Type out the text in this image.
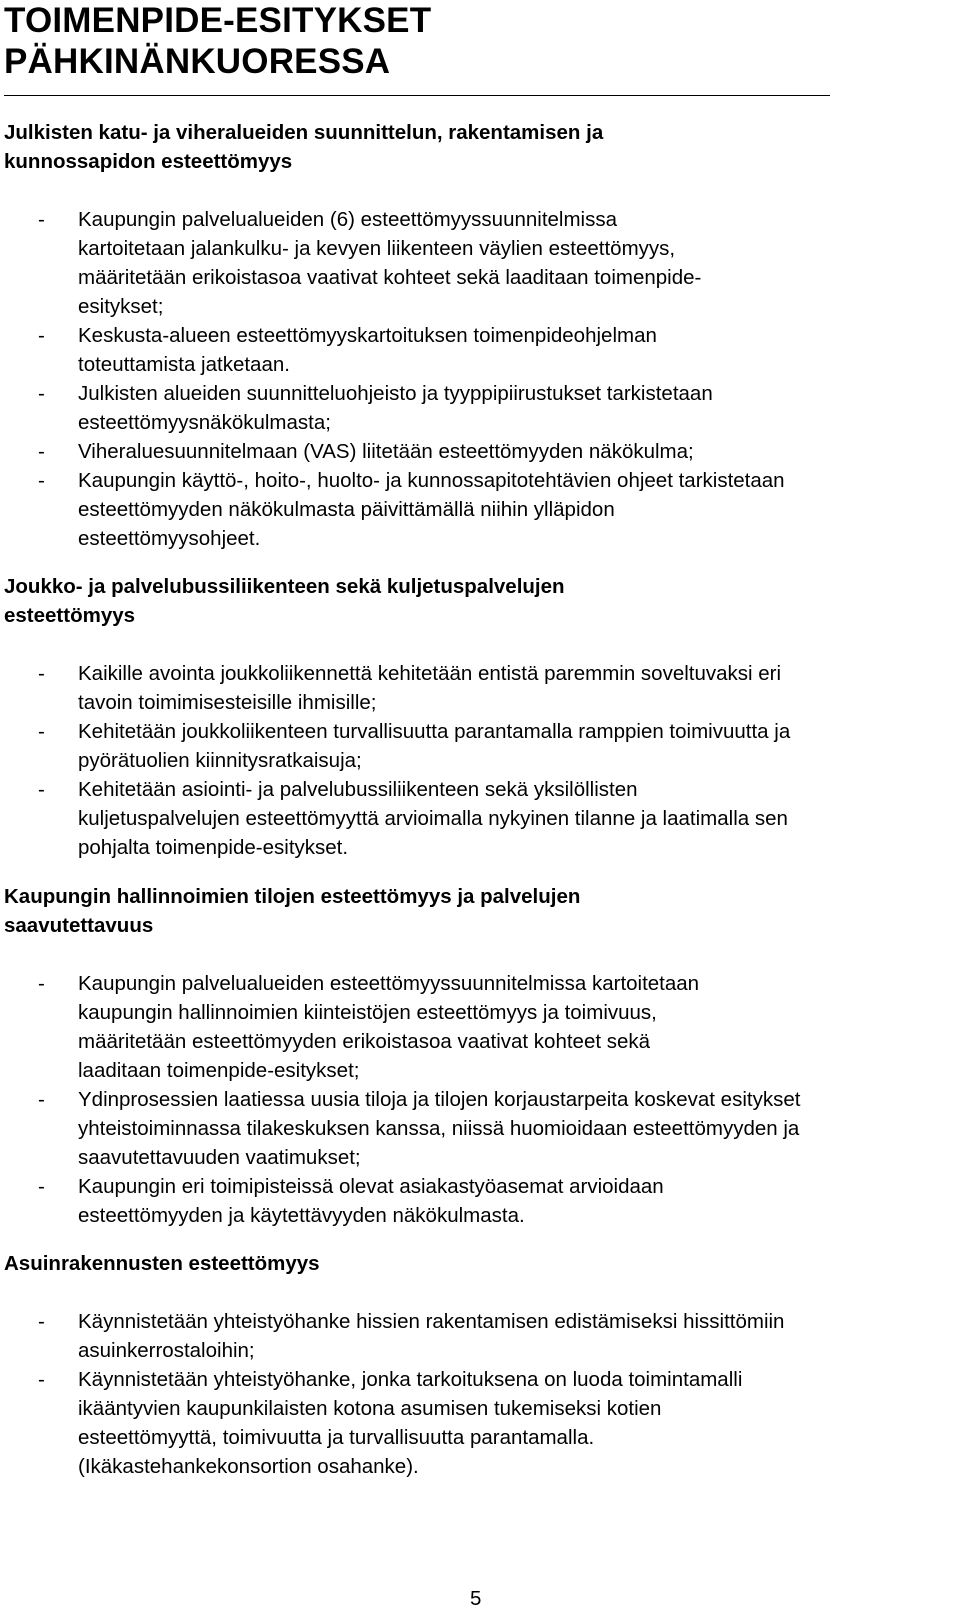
TOIMENPIDE-ESITYKSET
PÄHKINÄNKUORESSA
Julkisten katu- ja viheralueiden suunnittelun, rakentamisen ja
kunnossapidon esteettömyys
- Kaupungin palvelualueiden (6) esteettömyyssuunnitelmissa
kartoitetaan jalankulku- ja kevyen liikenteen väylien esteettömyys,
määritetään erikoistasoa vaativat kohteet sekä laaditaan toimenpide-
esitykset;
- Keskusta-alueen esteettömyyskartoituksen toimenpideohjelman
toteuttamista jatketaan.
- Julkisten alueiden suunnitteluohjeisto ja tyyppipiirustukset tarkistetaan
esteettömyysnäkökulmasta;
- Viheraluesuunnitelmaan (VAS) liitetään esteettömyyden näkökulma;
- Kaupungin käyttö-, hoito-, huolto- ja kunnossapitotehtävien ohjeet tarkistetaan
esteettömyyden näkökulmasta päivittämällä niihin ylläpidon
esteettömyysohjeet.
Joukko- ja palvelubussiliikenteen sekä kuljetuspalvelujen
esteettömyys
- Kaikille avointa joukkoliikennettä kehitetään entistä paremmin soveltuvaksi eri
tavoin toimimisesteisille ihmisille;
- Kehitetään joukkoliikenteen turvallisuutta parantamalla ramppien toimivuutta ja
pyörätuolien kiinnitysratkaisuja;
- Kehitetään asiointi- ja palvelubussiliikenteen sekä yksilöllisten
kuljetuspalvelujen esteettömyyttä arvioimalla nykyinen tilanne ja laatimalla sen
pohjalta toimenpide-esitykset.
Kaupungin hallinnoimien tilojen esteettömyys ja palvelujen
saavutettavuus
- Kaupungin palvelualueiden esteettömyyssuunnitelmissa kartoitetaan
kaupungin hallinnoimien kiinteistöjen esteettömyys ja toimivuus,
määritetään esteettömyyden erikoistasoa vaativat kohteet sekä
laaditaan toimenpide-esitykset;
- Ydinprosessien laatiessa uusia tiloja ja tilojen korjaustarpeita koskevat esitykset
yhteistoiminnassa tilakeskuksen kanssa, niissä huomioidaan esteettömyyden ja
saavutettavuuden vaatimukset;
- Kaupungin eri toimipisteissä olevat asiakastyöasemat arvioidaan
esteettömyyden ja käytettävyyden näkökulmasta.
Asuinrakennusten esteettömyys
- Käynnistetään yhteistyöhanke hissien rakentamisen edistämiseksi hissittömiin
asuinkerrostaloihin;
- Käynnistetään yhteistyöhanke, jonka tarkoituksena on luoda toimintamalli
ikääntyvien kaupunkilaisten kotona asumisen tukemiseksi kotien
esteettömyyttä, toimivuutta ja turvallisuutta parantamalla.
(Ikäkastehankekonsortion osahanke).
5
